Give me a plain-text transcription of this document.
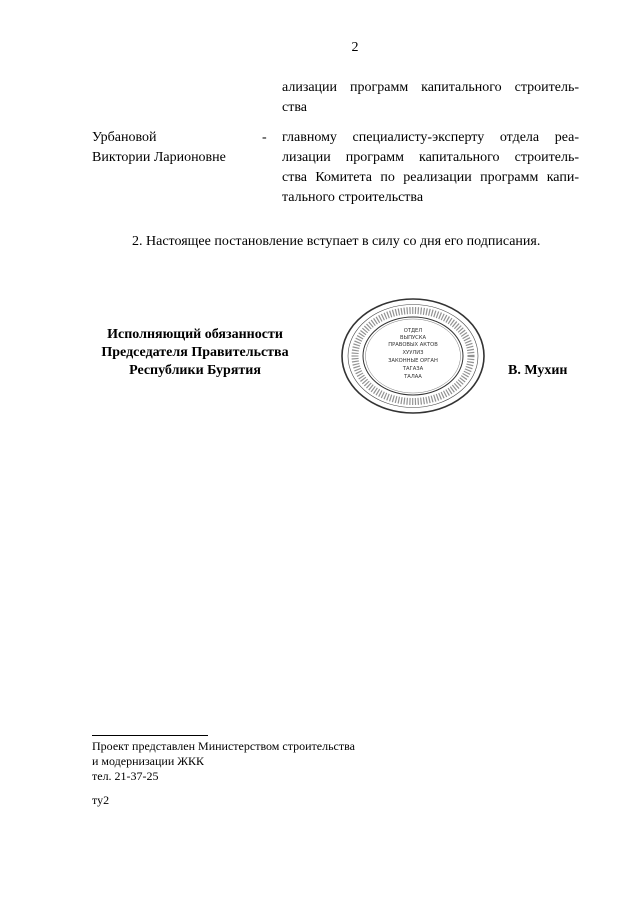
2
ализации программ капитального строитель-
ства
Урбановой
Виктории Ларионовне
- главному специалисту-эксперту отдела реа-
лизации программ капитального строитель-
ства Комитета по реализации программ капи-
тального строительства
2. Настоящее постановление вступает в силу со дня его подписания.
Исполняющий обязанности
Председателя Правительства
Республики Бурятия
ОТДЕЛ
ВЫПУСКА
ПРАВОВЫХ АКТОВ
ХУУЛИЗ
ЗАКОННЫЕ ОРГАН
ТАГАЗА
ТАЛАА	В. Мухин
Проект представлен Министерством строительства
и модернизации ЖКК
тел. 21-37-25
ту2
